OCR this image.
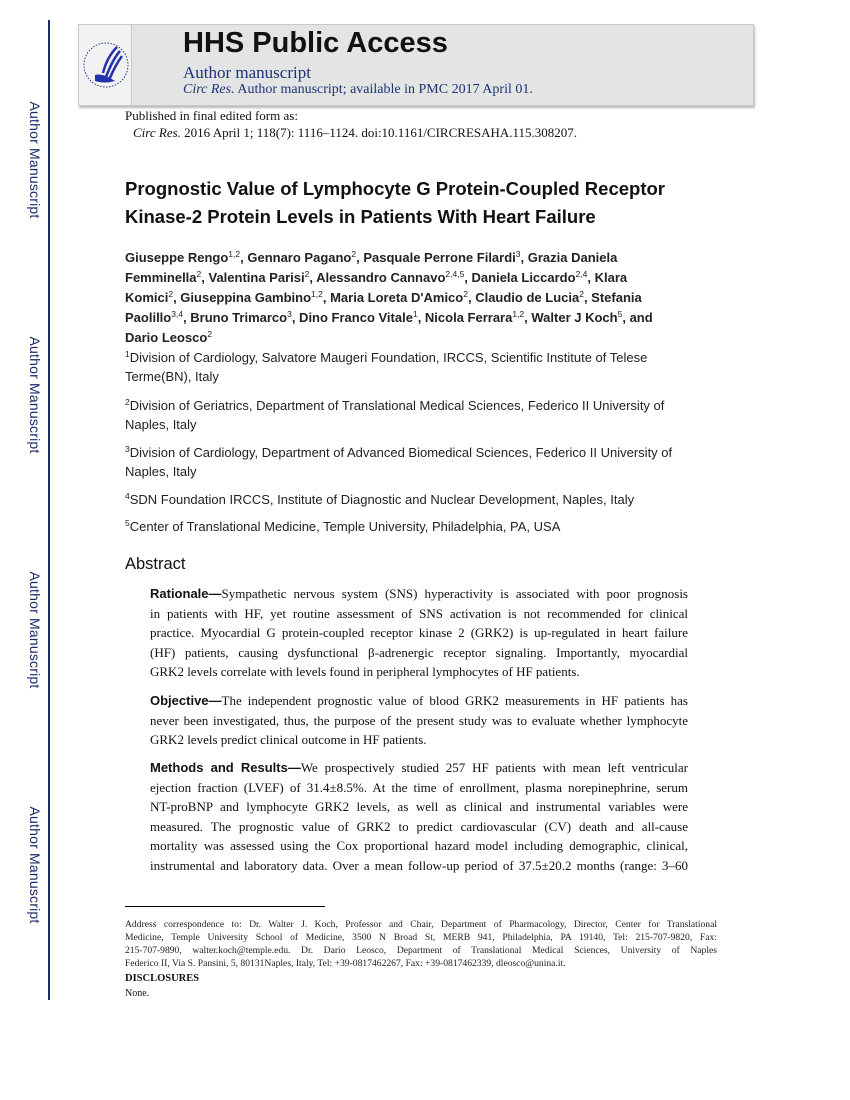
Author Manuscript
Author Manuscript
Author Manuscript
Author Manuscript
HHS Public Access
Author manuscript
Circ Res. Author manuscript; available in PMC 2017 April 01.
Published in final edited form as:
Circ Res. 2016 April 1; 118(7): 1116–1124. doi:10.1161/CIRCRESAHA.115.308207.
Prognostic Value of Lymphocyte G Protein-Coupled Receptor
Kinase-2 Protein Levels in Patients With Heart Failure
Giuseppe Rengo$^{1,2}$, Gennaro Pagano$^2$, Pasquale Perrone Filardi$^3$, Grazia Daniela
Femminella$^2$, Valentina Parisi$^2$, Alessandro Cannavo$^{2,4,5}$, Daniela Liccardo$^{2,4}$, Klara
Komici$^2$, Giuseppina Gambino$^{1,2}$, Maria Loreta D'Amico$^2$, Claudio de Lucia$^2$, Stefania
Paolillo$^{3,4}$, Bruno Trimarco$^3$, Dino Franco Vitale$^1$, Nicola Ferrara$^{1,2}$, Walter J Koch$^5$, and
Dario Leosco$^2$
$^1$Division of Cardiology, Salvatore Maugeri Foundation, IRCCS, Scientific Institute of Telese
Terme(BN), Italy
$^2$Division of Geriatrics, Department of Translational Medical Sciences, Federico II University of
Naples, Italy
$^3$Division of Cardiology, Department of Advanced Biomedical Sciences, Federico II University of
Naples, Italy
$^4$SDN Foundation IRCCS, Institute of Diagnostic and Nuclear Development, Naples, Italy
$^5$Center of Translational Medicine, Temple University, Philadelphia, PA, USA
Abstract
Rationale—Sympathetic nervous system (SNS) hyperactivity is associated with poor prognosis
in patients with HF, yet routine assessment of SNS activation is not recommended for clinical
practice. Myocardial G protein-coupled receptor kinase 2 (GRK2) is up-regulated in heart failure
(HF) patients, causing dysfunctional β-adrenergic receptor signaling. Importantly, myocardial
GRK2 levels correlate with levels found in peripheral lymphocytes of HF patients.
Objective—The independent prognostic value of blood GRK2 measurements in HF patients has
never been investigated, thus, the purpose of the present study was to evaluate whether lymphocyte
GRK2 levels predict clinical outcome in HF patients.
Methods and Results—We prospectively studied 257 HF patients with mean left ventricular
ejection fraction (LVEF) of 31.4±8.5%. At the time of enrollment, plasma norepinephrine, serum
NT-proBNP and lymphocyte GRK2 levels, as well as clinical and instrumental variables were
measured. The prognostic value of GRK2 to predict cardiovascular (CV) death and all-cause
mortality was assessed using the Cox proportional hazard model including demographic, clinical,
instrumental and laboratory data. Over a mean follow-up period of 37.5±20.2 months (range: 3–60
Address correspondence to: Dr. Walter J. Koch, Professor and Chair, Department of Pharmacology, Director, Center for Translational
Medicine, Temple University School of Medicine, 3500 N Broad St, MERB 941, Philadelphia, PA 19140, Tel: 215-707-9820, Fax:
215-707-9890, walter.koch@temple.edu. Dr. Dario Leosco, Department of Translational Medical Sciences, University of Naples
Federico II, Via S. Pansini, 5, 80131Naples, Italy, Tel: +39-0817462267, Fax: +39-0817462339, dleosco@unina.it.
DISCLOSURES
None.
